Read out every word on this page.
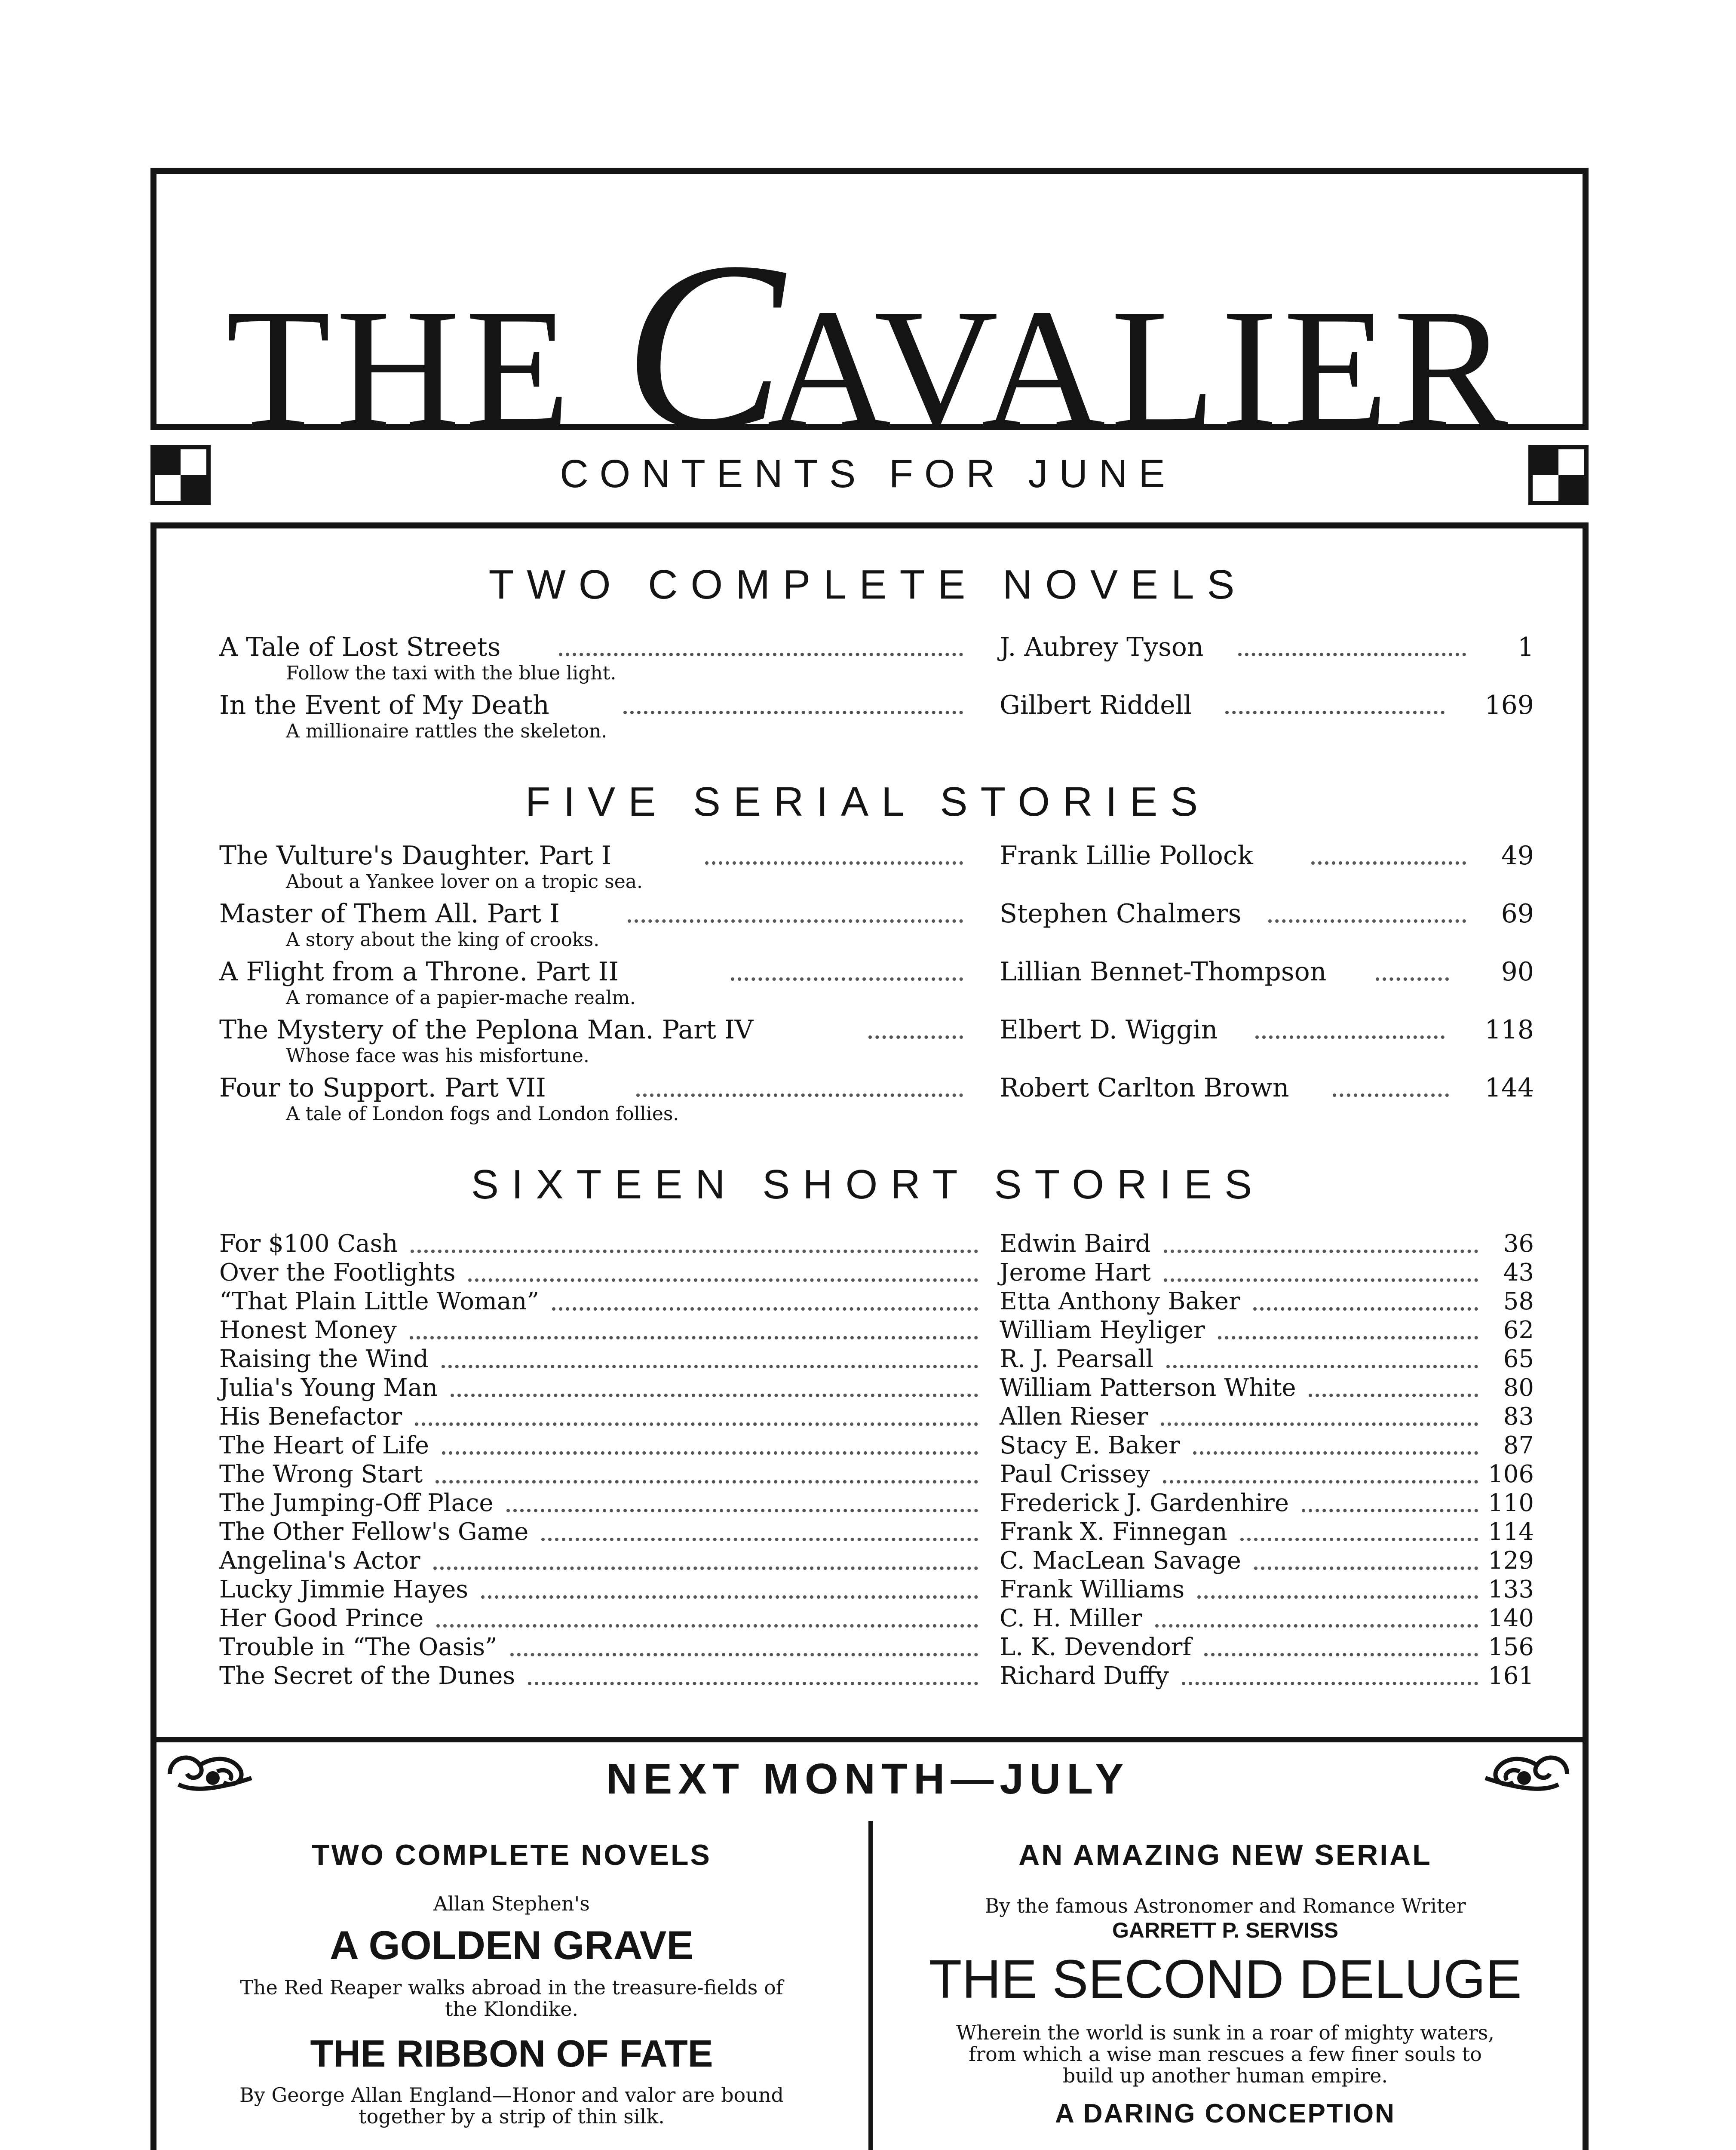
THE CAVALIER
CONTENTS FOR JUNE
TWO COMPLETE NOVELS
A Tale of Lost Streets	J. Aubrey Tyson	1
Follow the taxi with the blue light.
In the Event of My Death	Gilbert Riddell	169
A millionaire rattles the skeleton.
FIVE SERIAL STORIES
The Vulture's Daughter. Part I	Frank Lillie Pollock	49
About a Yankee lover on a tropic sea.
Master of Them All. Part I	Stephen Chalmers	69
A story about the king of crooks.
A Flight from a Throne. Part II	Lillian Bennet-Thompson	90
A romance of a papier-mache realm.
The Mystery of the Peplona Man. Part IV	Elbert D. Wiggin	118
Whose face was his misfortune.
Four to Support. Part VII	Robert Carlton Brown	144
A tale of London fogs and London follies.
SIXTEEN SHORT STORIES
For $100 Cash	Edwin Baird	36
Over the Footlights	Jerome Hart	43
“That Plain Little Woman”	Etta Anthony Baker	58
Honest Money	William Heyliger	62
Raising the Wind	R. J. Pearsall	65
Julia's Young Man	William Patterson White	80
His Benefactor	Allen Rieser	83
The Heart of Life	Stacy E. Baker	87
The Wrong Start	Paul Crissey	106
The Jumping-Off Place	Frederick J. Gardenhire	110
The Other Fellow's Game	Frank X. Finnegan	114
Angelina's Actor	C. MacLean Savage	129
Lucky Jimmie Hayes	Frank Williams	133
Her Good Prince	C. H. Miller	140
Trouble in “The Oasis”	L. K. Devendorf	156
The Secret of the Dunes	Richard Duffy	161
NEXT MONTH—JULY
TWO COMPLETE NOVELS
Allan Stephen's
A GOLDEN GRAVE
The Red Reaper walks abroad in the treasure-fields of
the Klondike.
THE RIBBON OF FATE
By George Allan England—Honor and valor are bound
together by a strip of thin silk.
AN AMAZING NEW SERIAL
By the famous Astronomer and Romance Writer
GARRETT P. SERVISS
THE SECOND DELUGE
Wherein the world is sunk in a roar of mighty waters,
from which a wise man rescues a few finer souls to
build up another human empire.
A DARING CONCEPTION
